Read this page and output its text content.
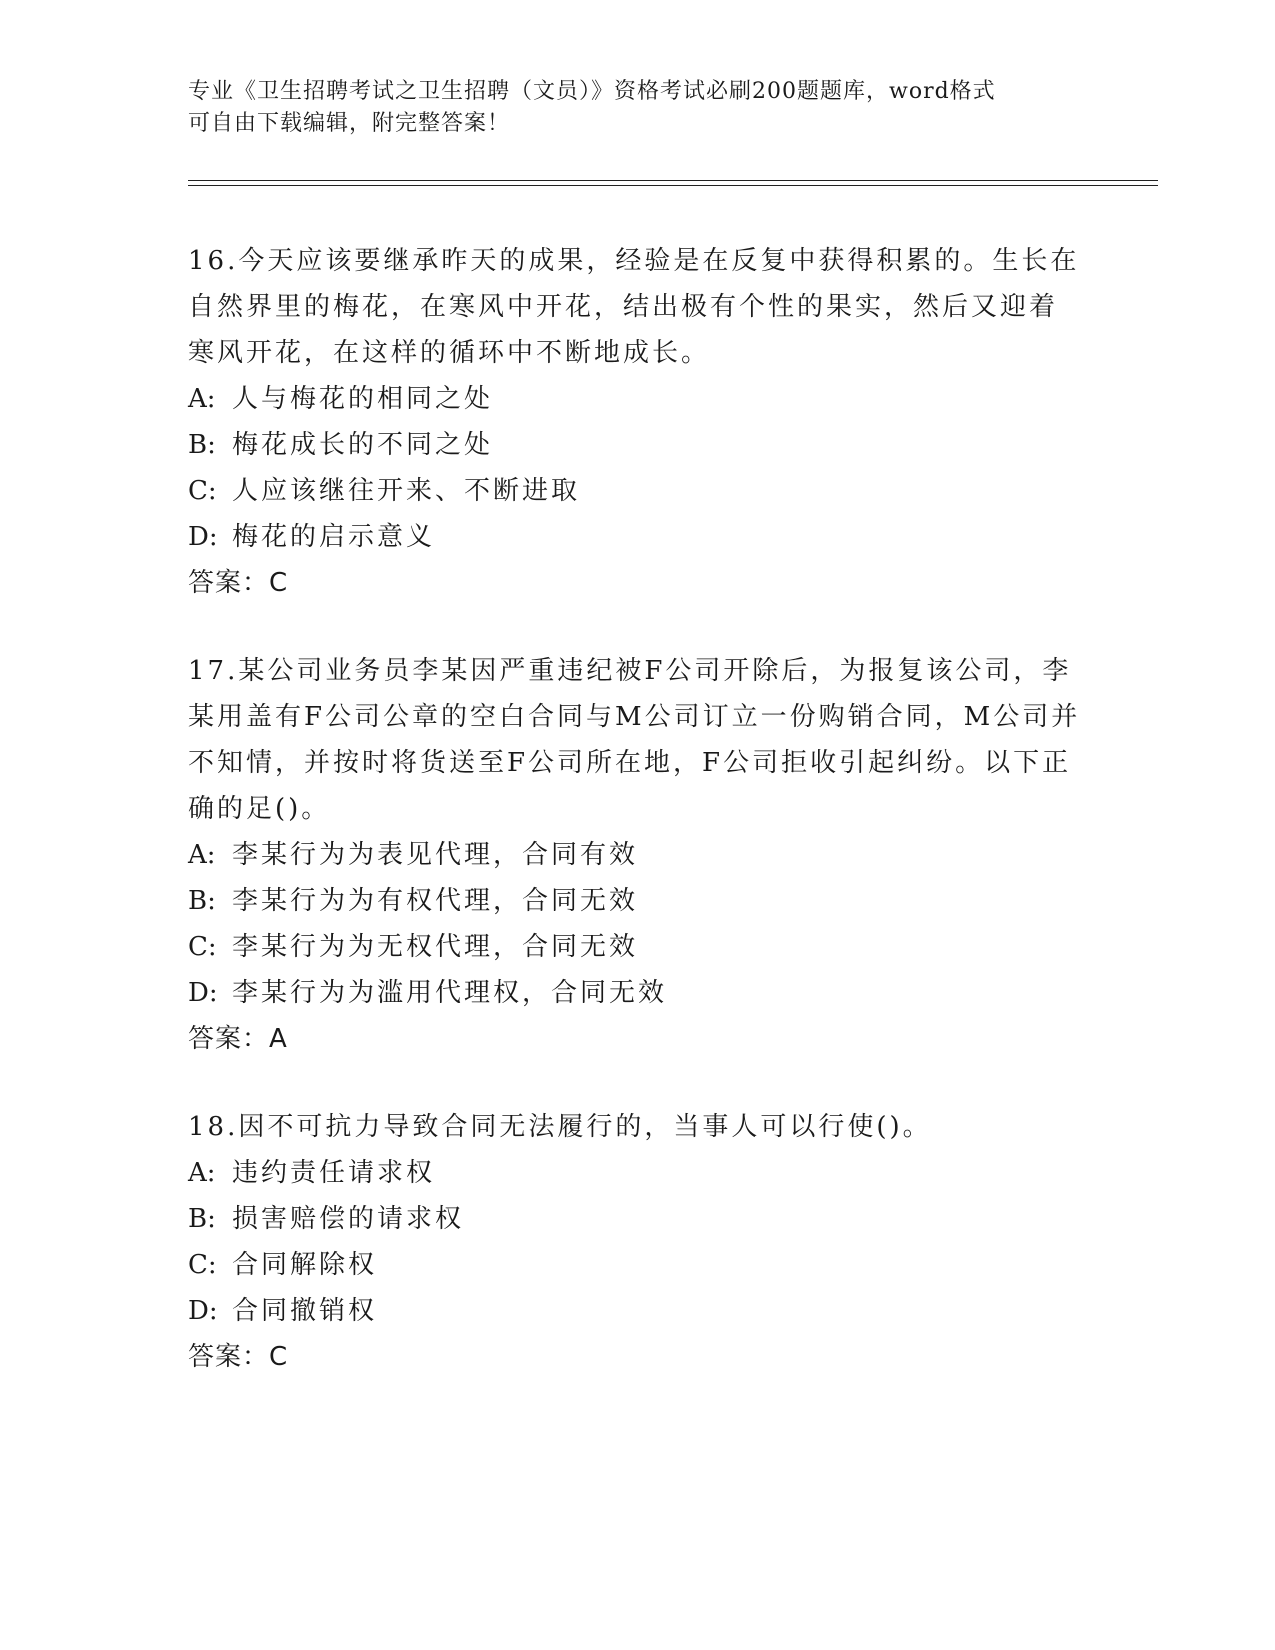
专业《卫生招聘考试之卫生招聘（文员）》资格考试必刷200题题库，word格式
可自由下载编辑，附完整答案！
16.今天应该要继承昨天的成果，经验是在反复中获得积累的。生长在
自然界里的梅花，在寒风中开花，结出极有个性的果实，然后又迎着
寒风开花，在这样的循环中不断地成长。
A: 人与梅花的相同之处
B: 梅花成长的不同之处
C: 人应该继往开来、不断进取
D: 梅花的启示意义
答案：C
17.某公司业务员李某因严重违纪被F公司开除后，为报复该公司，李
某用盖有F公司公章的空白合同与M公司订立一份购销合同，M公司并
不知情，并按时将货送至F公司所在地，F公司拒收引起纠纷。以下正
确的足()。
A: 李某行为为表见代理，合同有效
B: 李某行为为有权代理，合同无效
C: 李某行为为无权代理，合同无效
D: 李某行为为滥用代理权，合同无效
答案：A
18.因不可抗力导致合同无法履行的，当事人可以行使()。
A: 违约责任请求权
B: 损害赔偿的请求权
C: 合同解除权
D: 合同撤销权
答案：C
